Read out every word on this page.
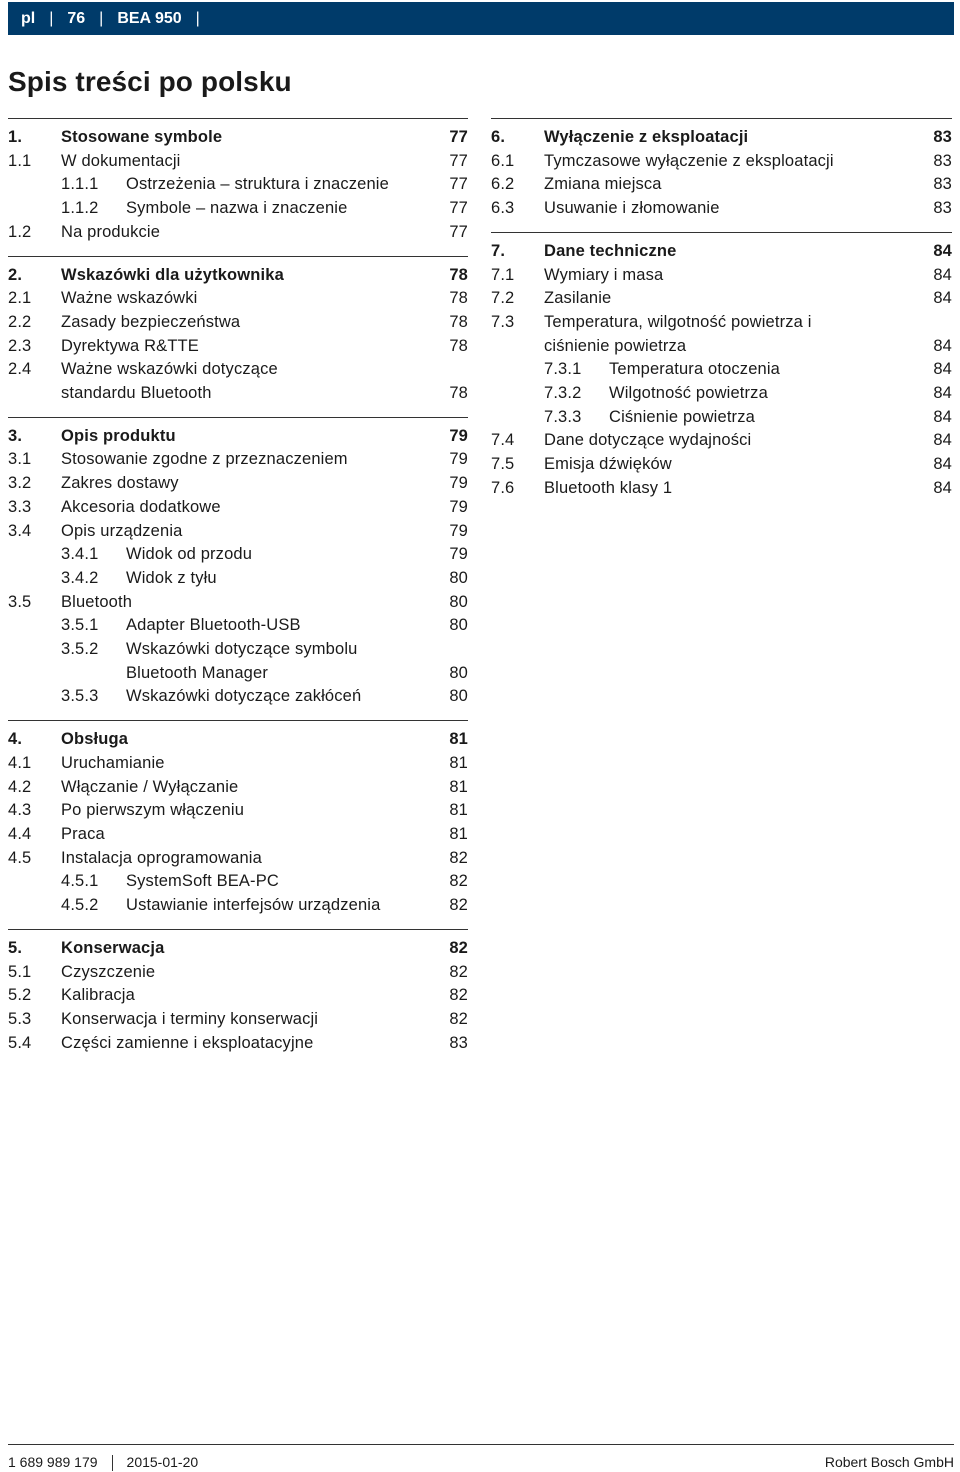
pl | 76 | BEA 950 |
Spis treści po polsku
1.	Stosowane symbole	77
1.1	W dokumentacji	77
1.1.1	Ostrzeżenia – struktura i znaczenie	77
1.1.2	Symbole – nazwa i znaczenie	77
1.2	Na produkcie	77
2.	Wskazówki dla użytkownika	78
2.1	Ważne wskazówki	78
2.2	Zasady bezpieczeństwa	78
2.3	Dyrektywa R&TTE	78
2.4	Ważne wskazówki dotyczące
standardu Bluetooth	78
3.	Opis produktu	79
3.1	Stosowanie zgodne z przeznaczeniem	79
3.2	Zakres dostawy	79
3.3	Akcesoria dodatkowe	79
3.4	Opis urządzenia	79
3.4.1	Widok od przodu	79
3.4.2	Widok z tyłu	80
3.5	Bluetooth	80
3.5.1	Adapter Bluetooth-USB	80
3.5.2	Wskazówki dotyczące symbolu
Bluetooth Manager	80
3.5.3	Wskazówki dotyczące zakłóceń	80
4.	Obsługa	81
4.1	Uruchamianie	81
4.2	Włączanie / Wyłączanie	81
4.3	Po pierwszym włączeniu	81
4.4	Praca	81
4.5	Instalacja oprogramowania	82
4.5.1	SystemSoft BEA-PC	82
4.5.2	Ustawianie interfejsów urządzenia	82
5.	Konserwacja	82
5.1	Czyszczenie	82
5.2	Kalibracja	82
5.3	Konserwacja i terminy konserwacji	82
5.4	Części zamienne i eksploatacyjne	83
6.	Wyłączenie z eksploatacji	83
6.1	Tymczasowe wyłączenie z eksploatacji	83
6.2	Zmiana miejsca	83
6.3	Usuwanie i złomowanie	83
7.	Dane techniczne	84
7.1	Wymiary i masa	84
7.2	Zasilanie	84
7.3	Temperatura, wilgotność powietrza i
ciśnienie powietrza	84
7.3.1	Temperatura otoczenia	84
7.3.2	Wilgotność powietrza	84
7.3.3	Ciśnienie powietrza	84
7.4	Dane dotyczące wydajności	84
7.5	Emisja dźwięków	84
7.6	Bluetooth klasy 1	84
1 689 989 179 2015-01-20	Robert Bosch GmbH
